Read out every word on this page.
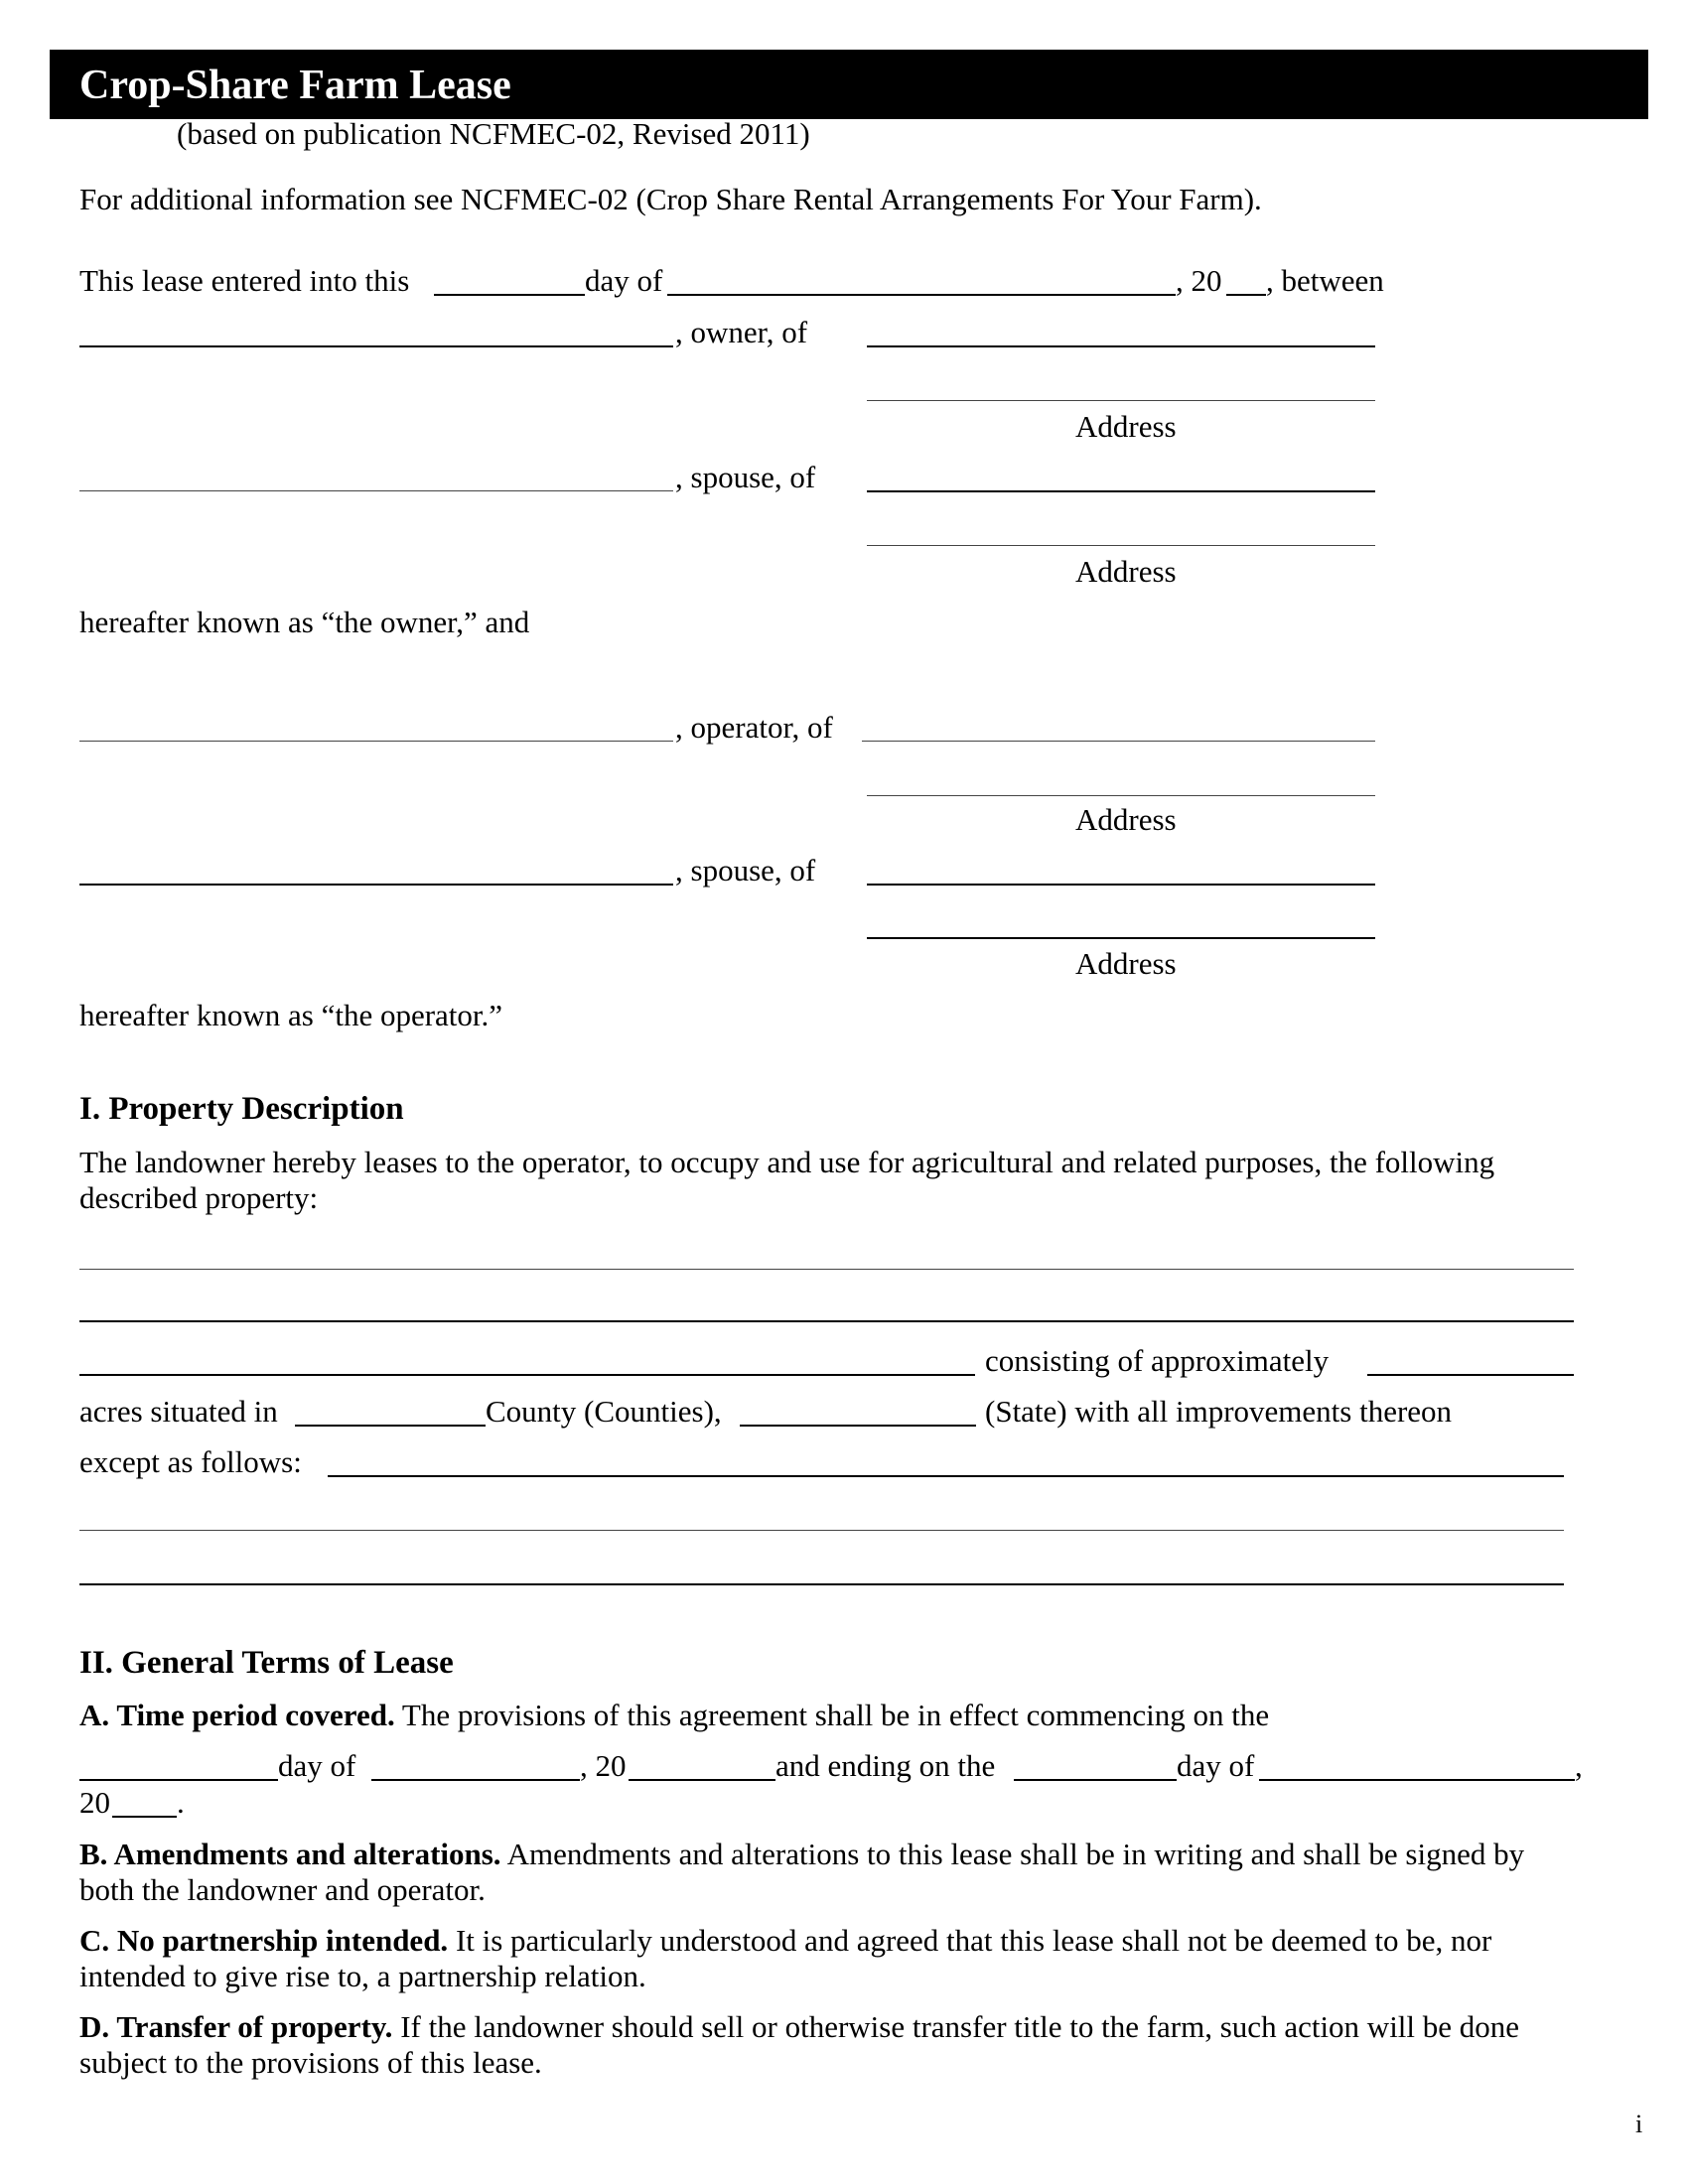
Crop-Share Farm Lease
(based on publication NCFMEC-02, Revised 2011)
For additional information see NCFMEC-02 (Crop Share Rental Arrangements For Your Farm).
This lease entered into this	day of	, 20 , between
, owner, of
Address
, spouse, of
Address
hereafter known as “the owner,” and
, operator, of
Address
, spouse, of
Address
hereafter known as “the operator.”
I. Property Description
The landowner hereby leases to the operator, to occupy and use for agricultural and related purposes, the following described property:
consisting of approximately
acres situated in	County (Counties),	(State) with all improvements thereon
except as follows:
II. General Terms of Lease
A. Time period covered. The provisions of this agreement shall be in effect commencing on the
day of	, 20	and ending on the	day of	,
20 .
B. Amendments and alterations. Amendments and alterations to this lease shall be in writing and shall be signed by both the landowner and operator.
C. No partnership intended. It is particularly understood and agreed that this lease shall not be deemed to be, nor intended to give rise to, a partnership relation.
D. Transfer of property. If the landowner should sell or otherwise transfer title to the farm, such action will be done subject to the provisions of this lease.
i
